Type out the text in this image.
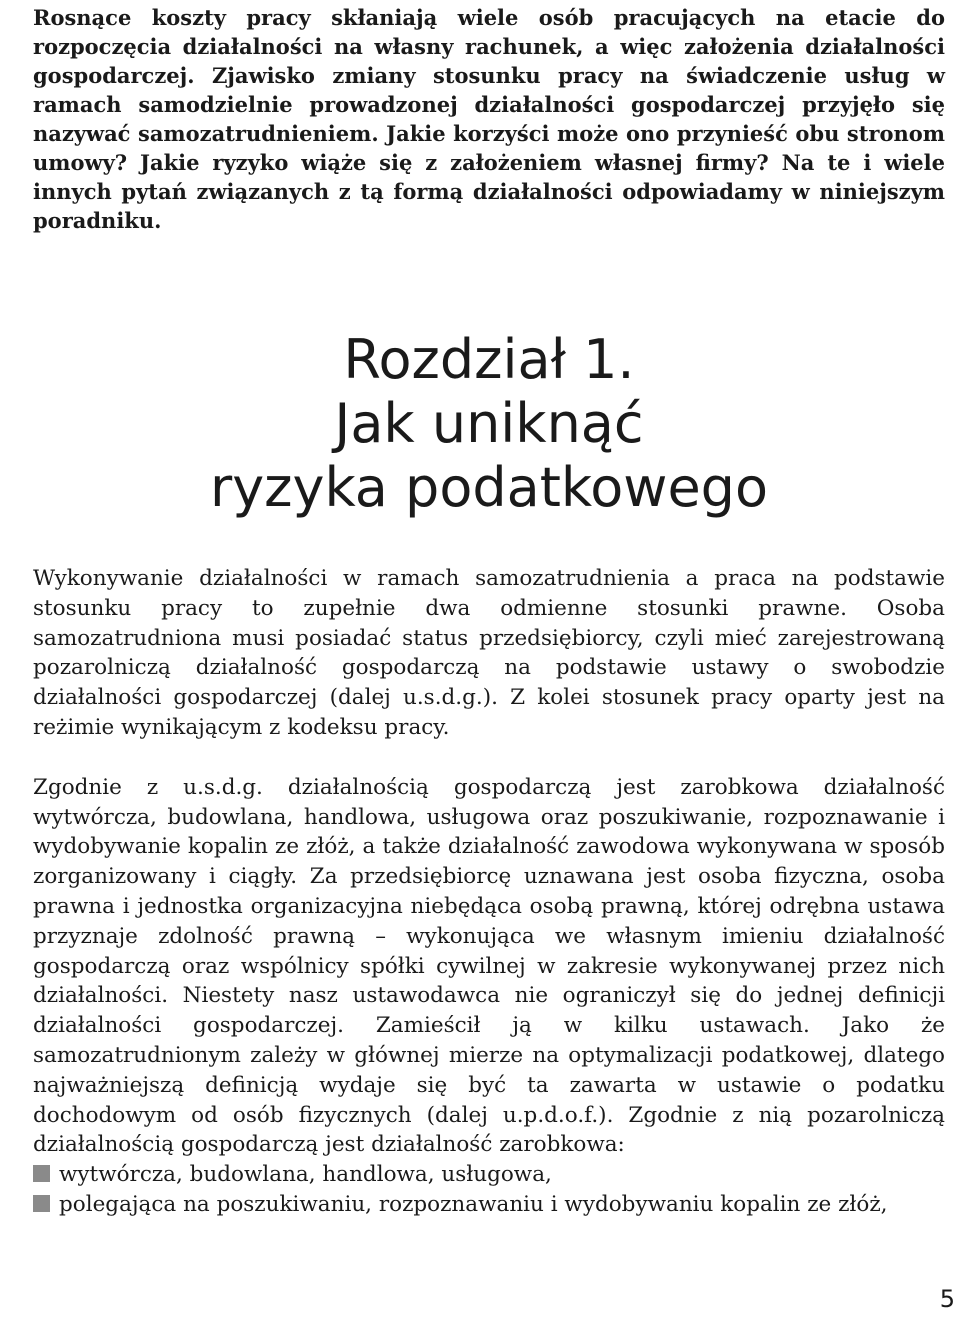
Rosnące koszty pracy skłaniają wiele osób pracujących na etacie do rozpoczęcia działalności na własny rachunek, a więc założenia działalności gospodarczej. Zjawisko zmiany stosunku pracy na świadczenie usług w ramach samodzielnie prowadzonej działalności gospodarczej przyjęło się nazywać samozatrudnieniem. Jakie korzyści może ono przynieść obu stronom umowy? Jakie ryzyko wiąże się z założeniem własnej firmy? Na te i wiele innych pytań związanych z tą formą działalności odpowiadamy w niniejszym poradniku.

Rozdział 1.
Jak uniknąć
ryzyka podatkowego

Wykonywanie działalności w ramach samozatrudnienia a praca na podstawie stosunku pracy to zupełnie dwa odmienne stosunki prawne. Osoba samozatrudniona musi posiadać status przedsiębiorcy, czyli mieć zarejestrowaną pozarolniczą działalność gospodarczą na podstawie ustawy o swobodzie działalności gospodarczej (dalej u.s.d.g.). Z kolei stosunek pracy oparty jest na reżimie wynikającym z kodeksu pracy.

Zgodnie z u.s.d.g. działalnością gospodarczą jest zarobkowa działalność wytwórcza, budowlana, handlowa, usługowa oraz poszukiwanie, rozpoznawanie i wydobywanie kopalin ze złóż, a także działalność zawodowa wykonywana w sposób zorganizowany i ciągły. Za przedsiębiorcę uznawana jest osoba fizyczna, osoba prawna i jednostka organizacyjna niebędąca osobą prawną, której odrębna ustawa przyznaje zdolność prawną – wykonująca we własnym imieniu działalność gospodarczą oraz wspólnicy spółki cywilnej w zakresie wykonywanej przez nich działalności. Niestety nasz ustawodawca nie ograniczył się do jednej definicji działalności gospodarczej. Zamieścił ją w kilku ustawach. Jako że samozatrudnionym zależy w głównej mierze na optymalizacji podatkowej, dlatego najważniejszą definicją wydaje się być ta zawarta w ustawie o podatku dochodowym od osób fizycznych (dalej u.p.d.o.f.). Zgodnie z nią pozarolniczą działalnością gospodarczą jest działalność zarobkowa:

wytwórcza, budowlana, handlowa, usługowa,
polegająca na poszukiwaniu, rozpoznawaniu i wydobywaniu kopalin ze złóż,
5
